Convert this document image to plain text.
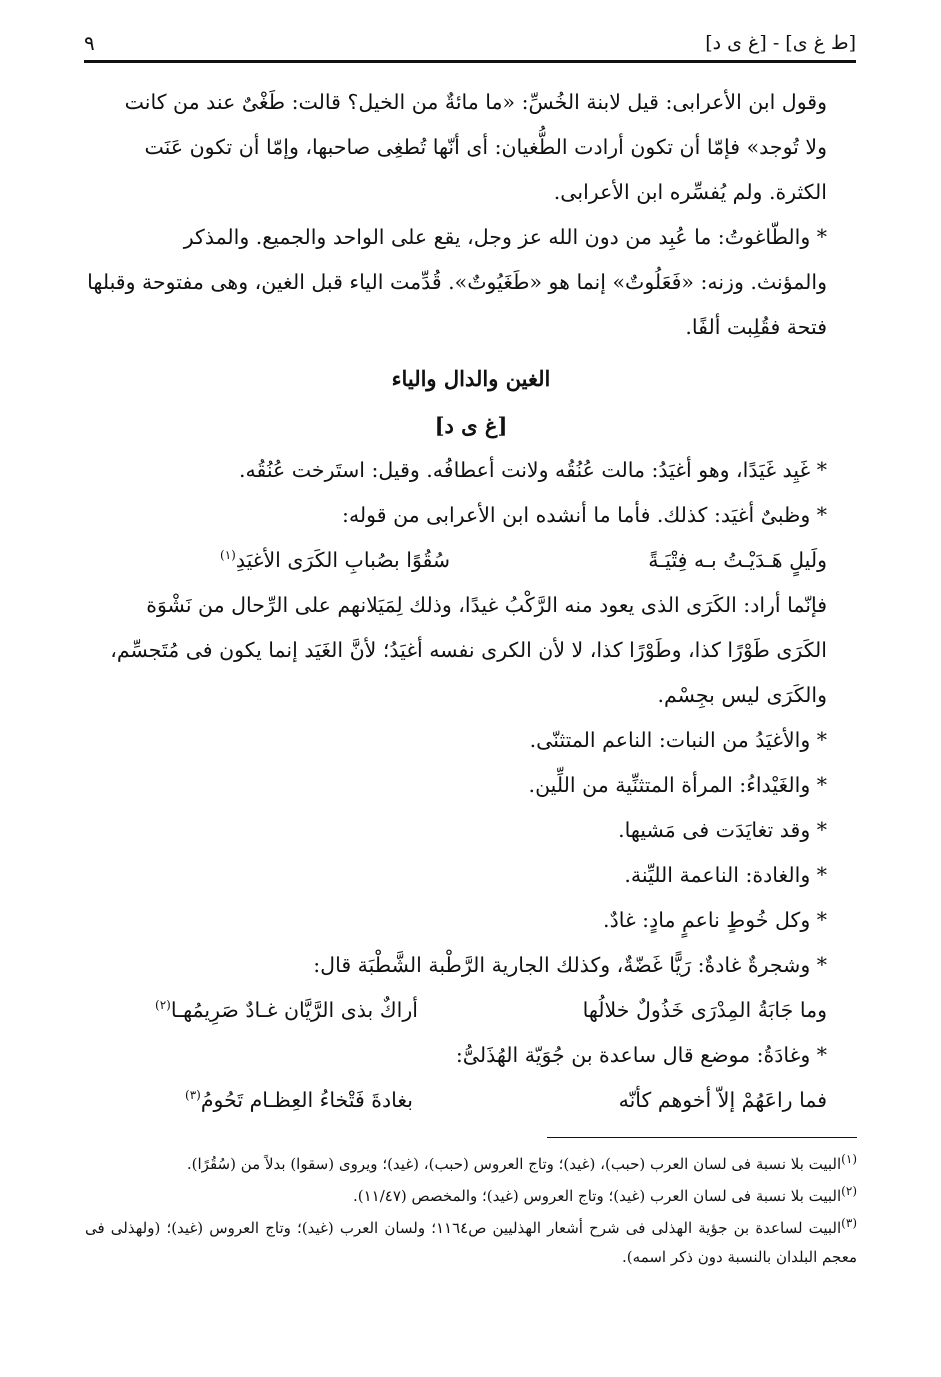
[ط غ ى] - [غ ى د]
٩
وقول ابن الأعرابى: قيل لابنة الخُسِّ: «ما مائةٌ من الخيل؟ قالت: طَغْىٌ عند من كانت
ولا تُوجد» فإمّا أن تكون أرادت الطُّغيان: أى أنّها تُطغِى صاحبها، وإمّا أن تكون عَنَت
الكثرة. ولم يُفسِّره ابن الأعرابى.
* والطّاغوتُ: ما عُبِد من دون الله عز وجل، يقع على الواحد والجميع. والمذكر
والمؤنث. وزنه: «فَعَلُوتٌ» إنما هو «طَغَيُوتٌ». قُدِّمت الياء قبل الغين، وهى مفتوحة وقبلها
فتحة فقُلِبت ألفًا.
الغين والدال والياء
[غ ى د]
* غَيِد غَيَدًا، وهو أغيَدُ: مالت عُنُقُه ولانت أعطافُه. وقيل: استَرخت عُنُقُه.
* وظبىٌ أغيَد: كذلك. فأما ما أنشده ابن الأعرابى من قوله:
ولَيلٍ هَـدَيْـتُ بـه فِتْيَـةً
سُقُوًا بصُبابِ الكَرَى الأغيَدِ$^{(١)}$
فإنّما أراد: الكَرَى الذى يعود منه الرَّكْبُ غيدًا، وذلك لِمَيَلانهم على الرِّحال من نَشْوَة
الكَرَى طَوْرًا كذا، وطَوْرًا كذا، لا لأن الكرى نفسه أغيَدُ؛ لأنَّ الغَيَد إنما يكون فى مُتَجسِّم،
والكَرَى ليس بجِسْم.
* والأغيَدُ من النبات: الناعم المتثنّى.
* والغَيْداءُ: المرأة المتثنِّية من اللِّين.
* وقد تغايَدَت فى مَشيها.
* والغادة: الناعمة الليِّنة.
* وكل خُوطٍ ناعمٍ مادٍ: غادٌ.
* وشجرةٌ غادةٌ: رَيًّا غَضّةٌ، وكذلك الجارية الرَّطْبة الشَّطْبَة قال:
وما جَابَةُ المِدْرَى خَذُولٌ خلالُها
أراكٌ بذى الرَّيَّان غـادٌ صَرِيمُهـا$^{(٢)}$
* وغادَةُ: موضع قال ساعدة بن جُوَيّة الهُذَلىُّ:
فما راعَهُمْ إلاّ أخوهم كأنّه
بغادةَ فَتْخاءُ العِظـام تَحُومُ$^{(٣)}$

$^{(١)}$البيت بلا نسبة فى لسان العرب (حبب)، (غيد)؛ وتاج العروس (حبب)، (غيد)؛ ويروى (سقوا) بدلاً من (سُقُرًا).

$^{(٢)}$البيت بلا نسبة فى لسان العرب (غيد)؛ وتاج العروس (غيد)؛ والمخصص (١١/٤٧).

$^{(٣)}$البيت لساعدة بن جؤية الهذلى فى شرح أشعار الهذليين ص١١٦٤؛ ولسان العرب (غيد)؛ وتاج العروس (غيد)؛ (ولهذلى فى معجم البلدان بالنسبة دون ذكر اسمه).
